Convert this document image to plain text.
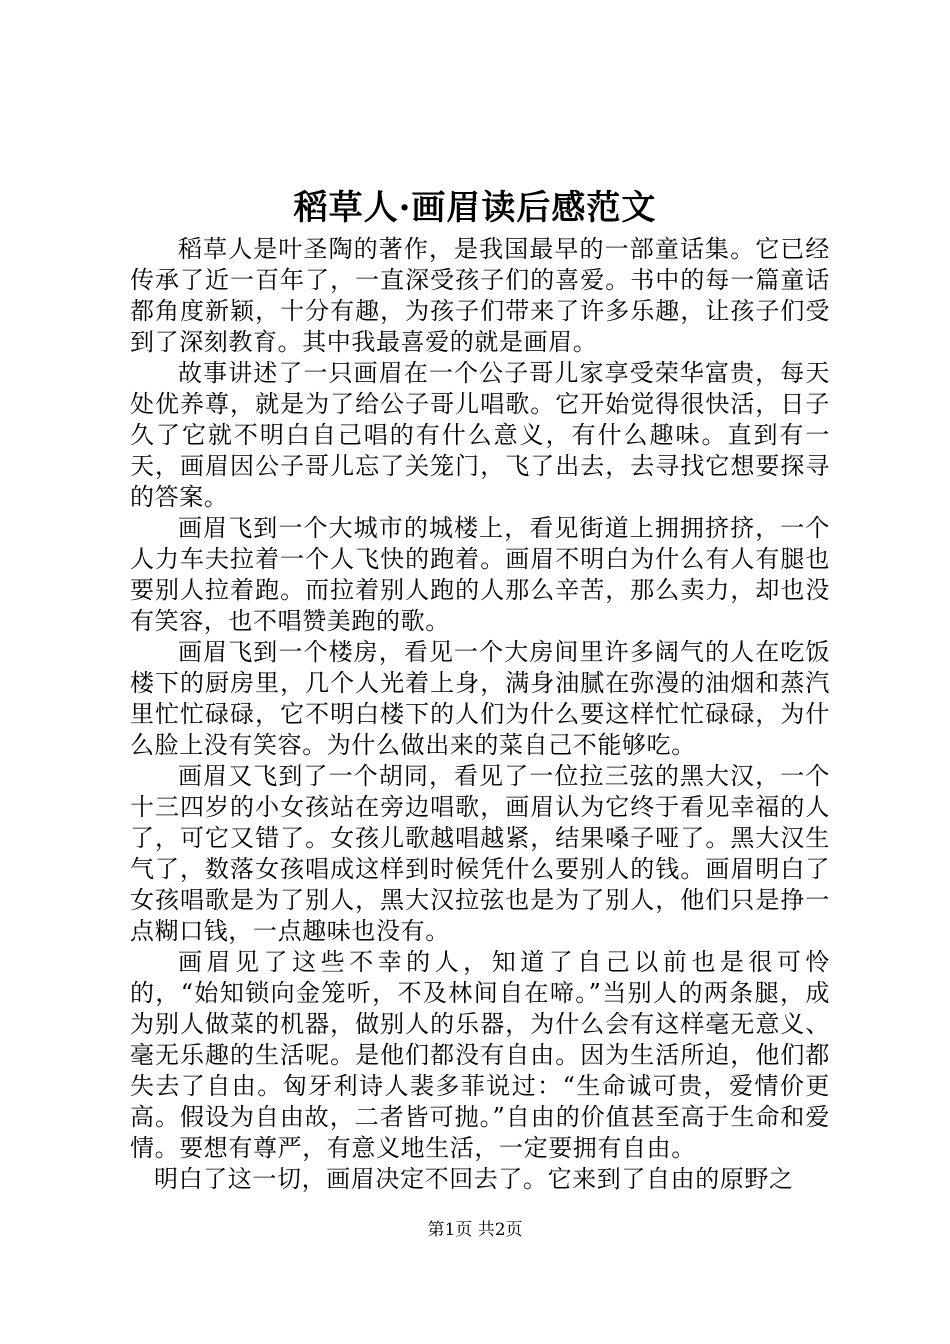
稻草人·画眉读后感范文

稻草人是叶圣陶的著作，是我国最早的一部童话集。它已经传承了近一百年了，一直深受孩子们的喜爱。书中的每一篇童话都角度新颖，十分有趣，为孩子们带来了许多乐趣，让孩子们受到了深刻教育。其中我最喜爱的就是画眉。

故事讲述了一只画眉在一个公子哥儿家享受荣华富贵，每天处优养尊，就是为了给公子哥儿唱歌。它开始觉得很快活，日子久了它就不明白自己唱的有什么意义，有什么趣味。直到有一天，画眉因公子哥儿忘了关笼门，飞了出去，去寻找它想要探寻的答案。

画眉飞到一个大城市的城楼上，看见街道上拥拥挤挤，一个人力车夫拉着一个人飞快的跑着。画眉不明白为什么有人有腿也要别人拉着跑。而拉着别人跑的人那么辛苦，那么卖力，却也没有笑容，也不唱赞美跑的歌。

画眉飞到一个楼房，看见一个大房间里许多阔气的人在吃饭楼下的厨房里，几个人光着上身，满身油腻在弥漫的油烟和蒸汽里忙忙碌碌，它不明白楼下的人们为什么要这样忙忙碌碌，为什么脸上没有笑容。为什么做出来的菜自己不能够吃。

画眉又飞到了一个胡同，看见了一位拉三弦的黑大汉，一个十三四岁的小女孩站在旁边唱歌，画眉认为它终于看见幸福的人了，可它又错了。女孩儿歌越唱越紧，结果嗓子哑了。黑大汉生气了，数落女孩唱成这样到时候凭什么要别人的钱。画眉明白了女孩唱歌是为了别人，黑大汉拉弦也是为了别人，他们只是挣一点糊口钱，一点趣味也没有。

画眉见了这些不幸的人，知道了自己以前也是很可怜的，“始知锁向金笼听，不及林间自在啼。”当别人的两条腿，成为别人做菜的机器，做别人的乐器，为什么会有这样毫无意义、毫无乐趣的生活呢。是他们都没有自由。因为生活所迫，他们都失去了自由。匈牙利诗人裴多菲说过：“生命诚可贵，爱情价更高。假设为自由故，二者皆可抛。”自由的价值甚至高于生命和爱情。要想有尊严，有意义地生活，一定要拥有自由。

明白了这一切，画眉决定不回去了。它来到了自由的原野之

第1页 共2页
